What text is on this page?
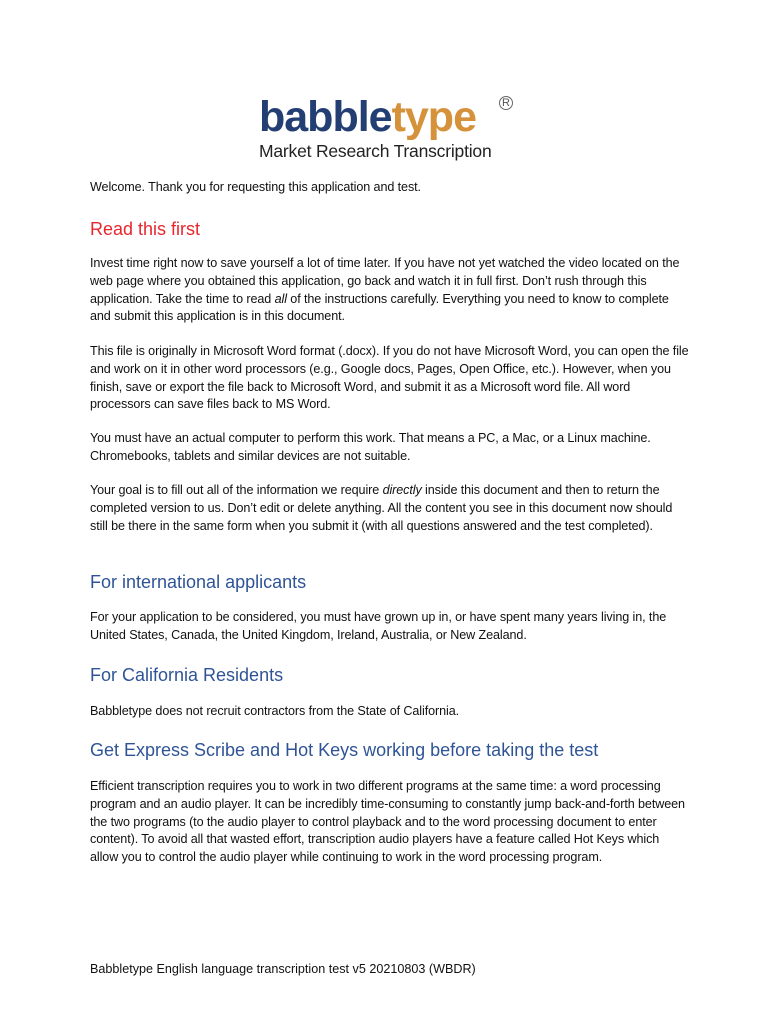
babbletype	R
Market Research Transcription
Welcome. Thank you for requesting this application and test.
Read this first
Invest time right now to save yourself a lot of time later. If you have not yet watched the video located on the web page where you obtained this application, go back and watch it in full first. Don’t rush through this application. Take the time to read all of the instructions carefully. Everything you need to know to complete and submit this application is in this document.
This file is originally in Microsoft Word format (.docx). If you do not have Microsoft Word, you can open the file and work on it in other word processors (e.g., Google docs, Pages, Open Office, etc.). However, when you finish, save or export the file back to Microsoft Word, and submit it as a Microsoft word file. All word processors can save files back to MS Word.
You must have an actual computer to perform this work. That means a PC, a Mac, or a Linux machine. Chromebooks, tablets and similar devices are not suitable.
Your goal is to fill out all of the information we require directly inside this document and then to return the completed version to us. Don’t edit or delete anything. All the content you see in this document now should still be there in the same form when you submit it (with all questions answered and the test completed).
For international applicants
For your application to be considered, you must have grown up in, or have spent many years living in, the United States, Canada, the United Kingdom, Ireland, Australia, or New Zealand.
For California Residents
Babbletype does not recruit contractors from the State of California.
Get Express Scribe and Hot Keys working before taking the test
Efficient transcription requires you to work in two different programs at the same time: a word processing program and an audio player. It can be incredibly time-consuming to constantly jump back-and-forth between the two programs (to the audio player to control playback and to the word processing document to enter content). To avoid all that wasted effort, transcription audio players have a feature called Hot Keys which allow you to control the audio player while continuing to work in the word processing program.
Babbletype English language transcription test v5 20210803 (WBDR)
